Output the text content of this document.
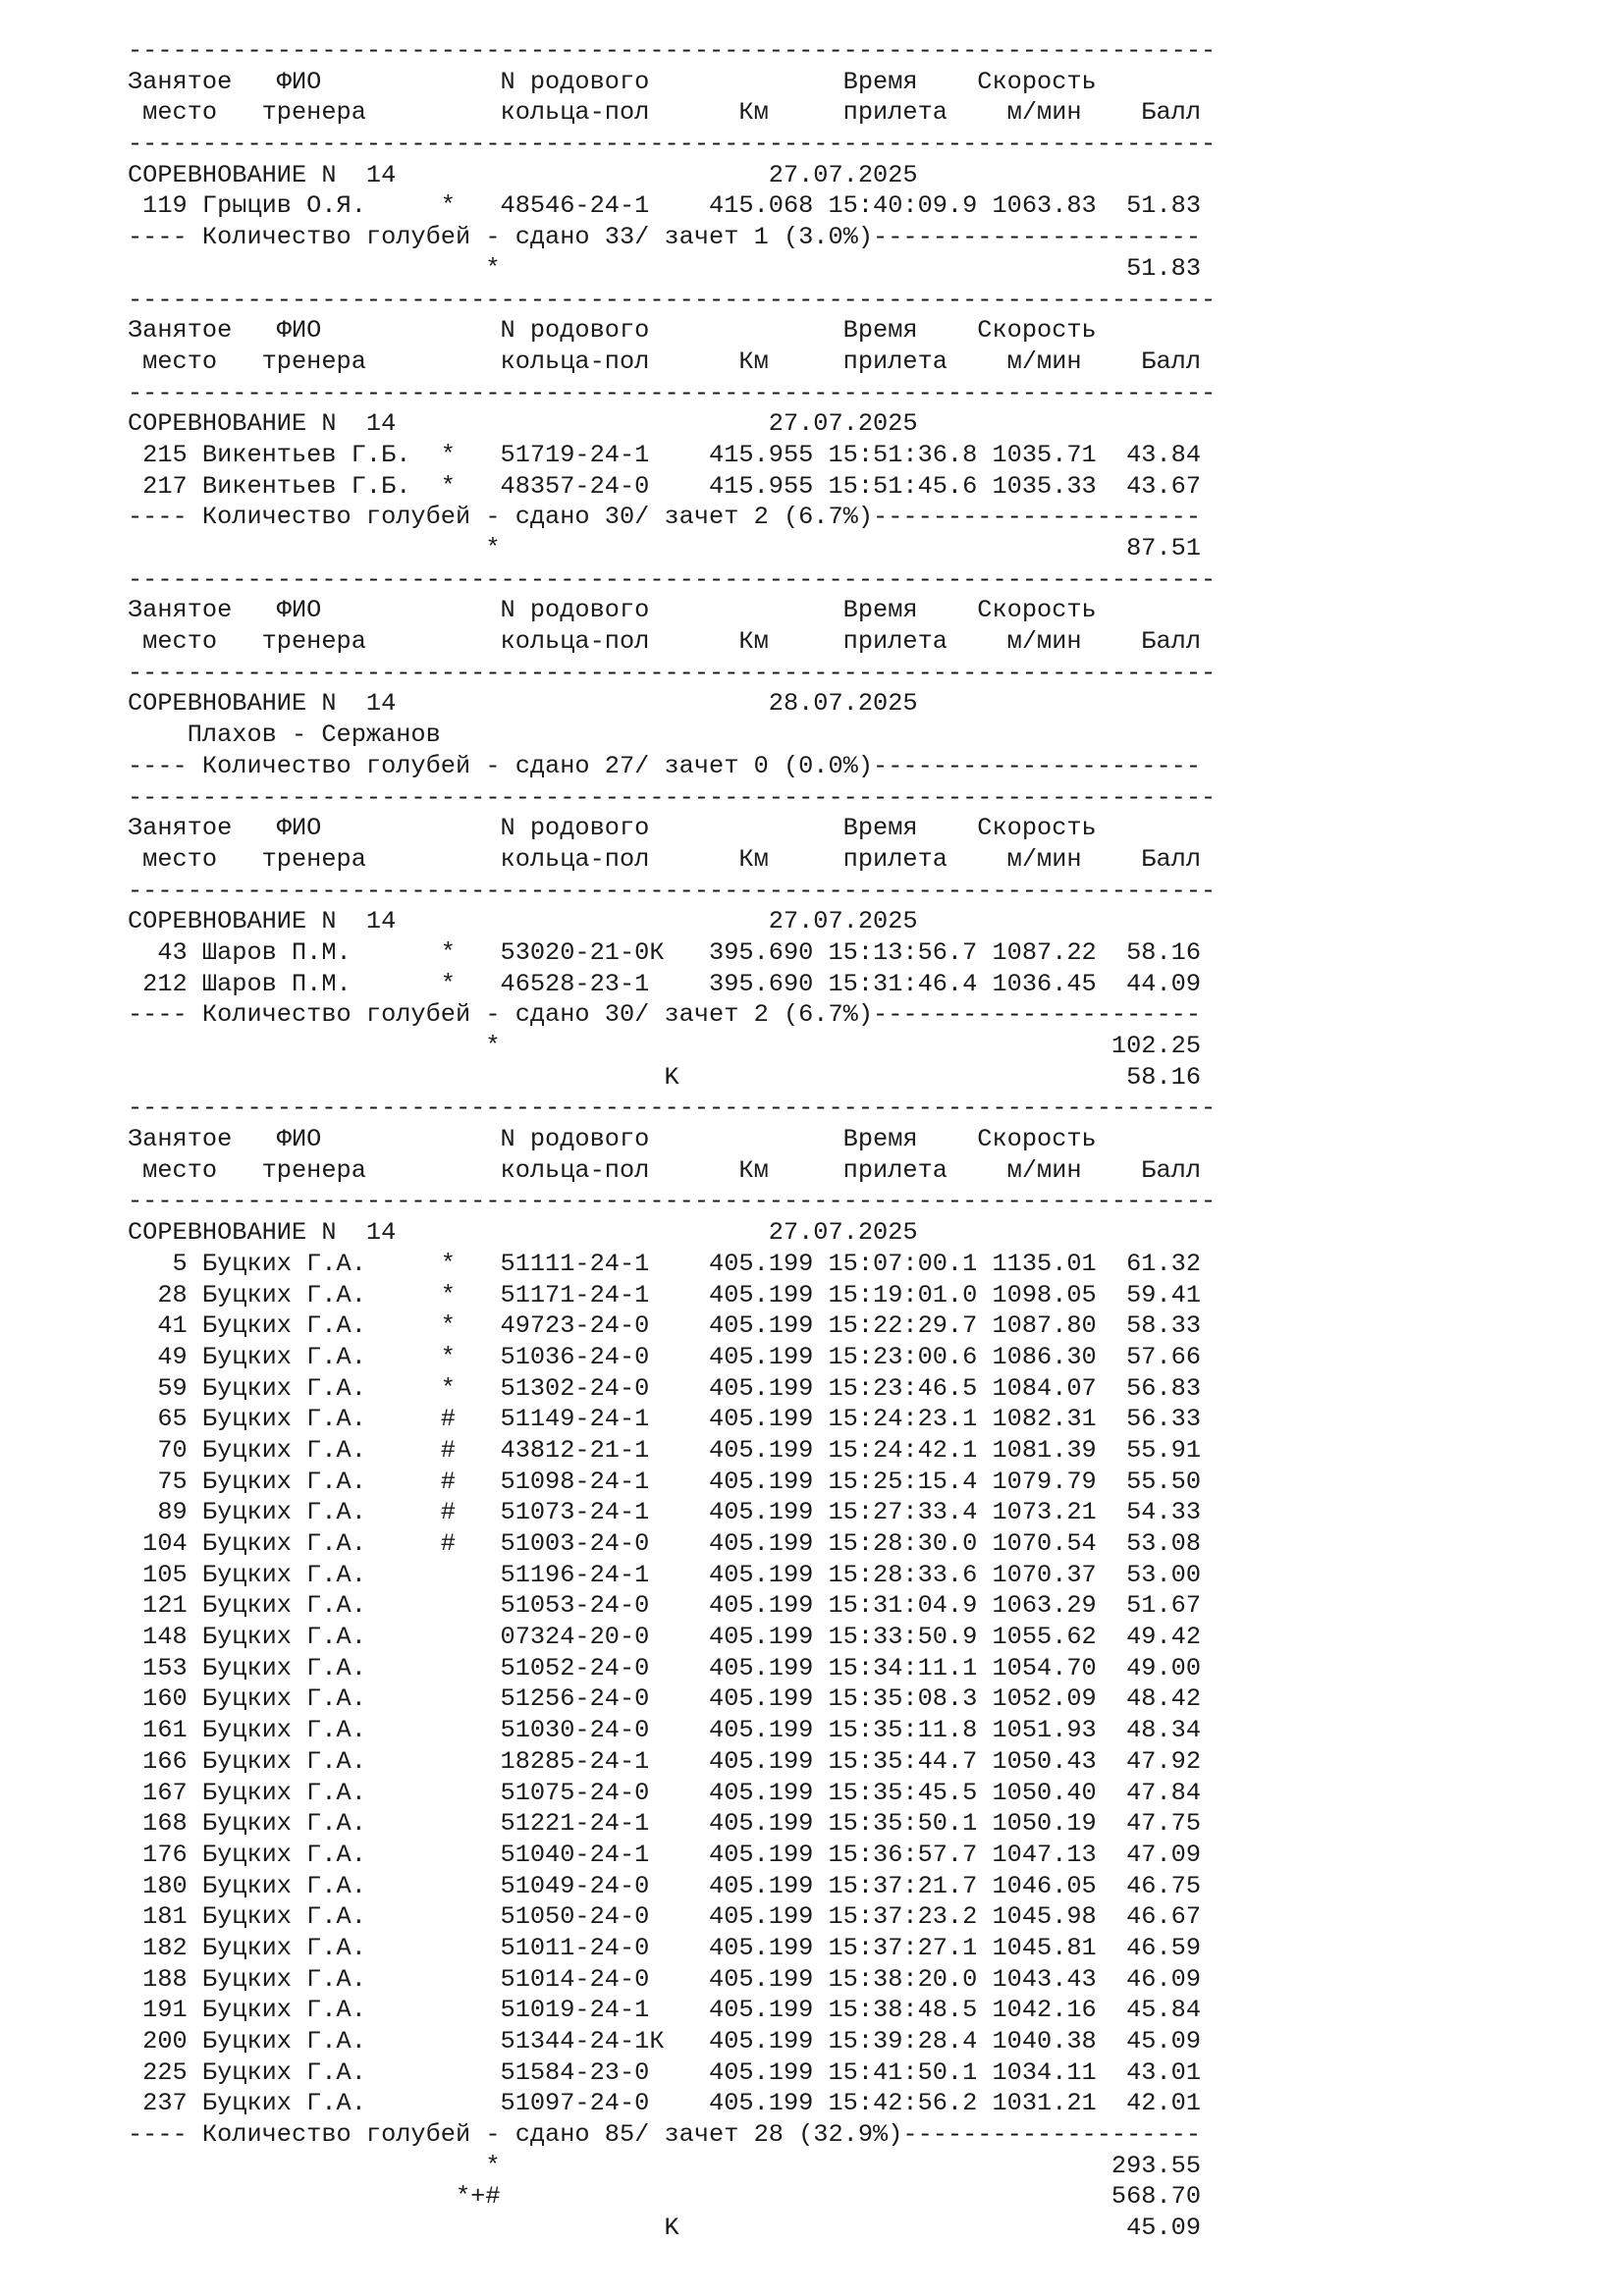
-------------------------------------------------------------------------
Занятое   ФИО            N родового             Время    Скорость
место   тренера         кольца-пол      Км     прилета    м/мин    Балл
-------------------------------------------------------------------------
СОРЕВНОВАНИЕ N  14                         27.07.2025
119 Грыцив О.Я.     *   48546-24-1    415.068 15:40:09.9 1063.83  51.83
---- Количество голубей - сдано 33/ зачет 1 (3.0%)----------------------
*                                          51.83
-------------------------------------------------------------------------
Занятое   ФИО            N родового             Время    Скорость
место   тренера         кольца-пол      Км     прилета    м/мин    Балл
-------------------------------------------------------------------------
СОРЕВНОВАНИЕ N  14                         27.07.2025
215 Викентьев Г.Б.  *   51719-24-1    415.955 15:51:36.8 1035.71  43.84
217 Викентьев Г.Б.  *   48357-24-0    415.955 15:51:45.6 1035.33  43.67
---- Количество голубей - сдано 30/ зачет 2 (6.7%)----------------------
*                                          87.51
-------------------------------------------------------------------------
Занятое   ФИО            N родового             Время    Скорость
место   тренера         кольца-пол      Км     прилета    м/мин    Балл
-------------------------------------------------------------------------
СОРЕВНОВАНИЕ N  14                         28.07.2025
Плахов - Сержанов
---- Количество голубей - сдано 27/ зачет 0 (0.0%)----------------------
-------------------------------------------------------------------------
Занятое   ФИО            N родового             Время    Скорость
место   тренера         кольца-пол      Км     прилета    м/мин    Балл
-------------------------------------------------------------------------
СОРЕВНОВАНИЕ N  14                         27.07.2025
43 Шаров П.М.      *   53020-21-0К   395.690 15:13:56.7 1087.22  58.16
212 Шаров П.М.      *   46528-23-1    395.690 15:31:46.4 1036.45  44.09
---- Количество голубей - сдано 30/ зачет 2 (6.7%)----------------------
*                                         102.25
K                              58.16
-------------------------------------------------------------------------
Занятое   ФИО            N родового             Время    Скорость
место   тренера         кольца-пол      Км     прилета    м/мин    Балл
-------------------------------------------------------------------------
СОРЕВНОВАНИЕ N  14                         27.07.2025
5 Буцких Г.А.     *   51111-24-1    405.199 15:07:00.1 1135.01  61.32
28 Буцких Г.А.     *   51171-24-1    405.199 15:19:01.0 1098.05  59.41
41 Буцких Г.А.     *   49723-24-0    405.199 15:22:29.7 1087.80  58.33
49 Буцких Г.А.     *   51036-24-0    405.199 15:23:00.6 1086.30  57.66
59 Буцких Г.А.     *   51302-24-0    405.199 15:23:46.5 1084.07  56.83
65 Буцких Г.А.     #   51149-24-1    405.199 15:24:23.1 1082.31  56.33
70 Буцких Г.А.     #   43812-21-1    405.199 15:24:42.1 1081.39  55.91
75 Буцких Г.А.     #   51098-24-1    405.199 15:25:15.4 1079.79  55.50
89 Буцких Г.А.     #   51073-24-1    405.199 15:27:33.4 1073.21  54.33
104 Буцких Г.А.     #   51003-24-0    405.199 15:28:30.0 1070.54  53.08
105 Буцких Г.А.         51196-24-1    405.199 15:28:33.6 1070.37  53.00
121 Буцких Г.А.         51053-24-0    405.199 15:31:04.9 1063.29  51.67
148 Буцких Г.А.         07324-20-0    405.199 15:33:50.9 1055.62  49.42
153 Буцких Г.А.         51052-24-0    405.199 15:34:11.1 1054.70  49.00
160 Буцких Г.А.         51256-24-0    405.199 15:35:08.3 1052.09  48.42
161 Буцких Г.А.         51030-24-0    405.199 15:35:11.8 1051.93  48.34
166 Буцких Г.А.         18285-24-1    405.199 15:35:44.7 1050.43  47.92
167 Буцких Г.А.         51075-24-0    405.199 15:35:45.5 1050.40  47.84
168 Буцких Г.А.         51221-24-1    405.199 15:35:50.1 1050.19  47.75
176 Буцких Г.А.         51040-24-1    405.199 15:36:57.7 1047.13  47.09
180 Буцких Г.А.         51049-24-0    405.199 15:37:21.7 1046.05  46.75
181 Буцких Г.А.         51050-24-0    405.199 15:37:23.2 1045.98  46.67
182 Буцких Г.А.         51011-24-0    405.199 15:37:27.1 1045.81  46.59
188 Буцких Г.А.         51014-24-0    405.199 15:38:20.0 1043.43  46.09
191 Буцких Г.А.         51019-24-1    405.199 15:38:48.5 1042.16  45.84
200 Буцких Г.А.         51344-24-1К   405.199 15:39:28.4 1040.38  45.09
225 Буцких Г.А.         51584-23-0    405.199 15:41:50.1 1034.11  43.01
237 Буцких Г.А.         51097-24-0    405.199 15:42:56.2 1031.21  42.01
---- Количество голубей - сдано 85/ зачет 28 (32.9%)--------------------
*                                         293.55
*+#                                         568.70
K                              45.09
